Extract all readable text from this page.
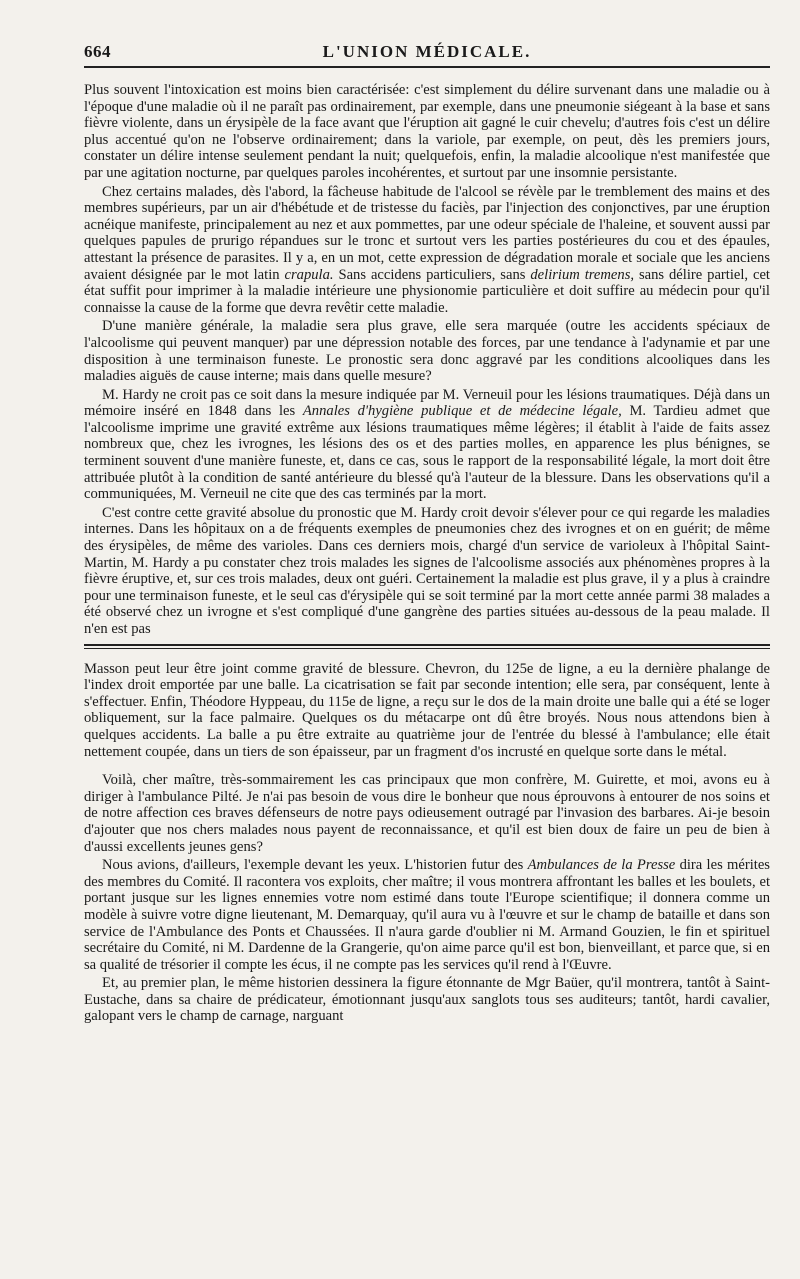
664	L'UNION MÉDICALE.

Plus souvent l'intoxication est moins bien caractérisée: c'est simplement du délire survenant dans une maladie ou à l'époque d'une maladie où il ne paraît pas ordinairement, par exemple, dans une pneumonie siégeant à la base et sans fièvre violente, dans un érysipèle de la face avant que l'éruption ait gagné le cuir chevelu; d'autres fois c'est un délire plus accentué qu'on ne l'observe ordinairement; dans la variole, par exemple, on peut, dès les premiers jours, constater un délire intense seulement pendant la nuit; quelquefois, enfin, la maladie alcoolique n'est manifestée que par une agitation nocturne, par quelques paroles incohérentes, et surtout par une insomnie persistante.

Chez certains malades, dès l'abord, la fâcheuse habitude de l'alcool se révèle par le tremblement des mains et des membres supérieurs, par un air d'hébétude et de tristesse du faciès, par l'injection des conjonctives, par une éruption acnéique manifeste, principalement au nez et aux pommettes, par une odeur spéciale de l'haleine, et souvent aussi par quelques papules de prurigo répandues sur le tronc et surtout vers les parties postérieures du cou et des épaules, attestant la présence de parasites. Il y a, en un mot, cette expression de dégradation morale et sociale que les anciens avaient désignée par le mot latin crapula. Sans accidens particuliers, sans delirium tremens, sans délire partiel, cet état suffit pour imprimer à la maladie intérieure une physionomie particulière et doit suffire au médecin pour qu'il connaisse la cause de la forme que devra revêtir cette maladie.

D'une manière générale, la maladie sera plus grave, elle sera marquée (outre les accidents spéciaux de l'alcoolisme qui peuvent manquer) par une dépression notable des forces, par une tendance à l'adynamie et par une disposition à une terminaison funeste. Le pronostic sera donc aggravé par les conditions alcooliques dans les maladies aiguës de cause interne; mais dans quelle mesure?

M. Hardy ne croit pas ce soit dans la mesure indiquée par M. Verneuil pour les lésions traumatiques. Déjà dans un mémoire inséré en 1848 dans les Annales d'hygiène publique et de médecine légale, M. Tardieu admet que l'alcoolisme imprime une gravité extrême aux lésions traumatiques même légères; il établit à l'aide de faits assez nombreux que, chez les ivrognes, les lésions des os et des parties molles, en apparence les plus bénignes, se terminent souvent d'une manière funeste, et, dans ce cas, sous le rapport de la responsabilité légale, la mort doit être attribuée plutôt à la condition de santé antérieure du blessé qu'à l'auteur de la blessure. Dans les observations qu'il a communiquées, M. Verneuil ne cite que des cas terminés par la mort.

C'est contre cette gravité absolue du pronostic que M. Hardy croit devoir s'élever pour ce qui regarde les maladies internes. Dans les hôpitaux on a de fréquents exemples de pneumonies chez des ivrognes et on en guérit; de même des érysipèles, de même des varioles. Dans ces derniers mois, chargé d'un service de varioleux à l'hôpital Saint-Martin, M. Hardy a pu constater chez trois malades les signes de l'alcoolisme associés aux phénomènes propres à la fièvre éruptive, et, sur ces trois malades, deux ont guéri. Certainement la maladie est plus grave, il y a plus à craindre pour une terminaison funeste, et le seul cas d'érysipèle qui se soit terminé par la mort cette année parmi 38 malades a été observé chez un ivrogne et s'est compliqué d'une gangrène des parties situées au-dessous de la peau malade. Il n'en est pas

Masson peut leur être joint comme gravité de blessure. Chevron, du 125e de ligne, a eu la dernière phalange de l'index droit emportée par une balle. La cicatrisation se fait par seconde intention; elle sera, par conséquent, lente à s'effectuer. Enfin, Théodore Hyppeau, du 115e de ligne, a reçu sur le dos de la main droite une balle qui a été se loger obliquement, sur la face palmaire. Quelques os du métacarpe ont dû être broyés. Nous nous attendons bien à quelques accidents. La balle a pu être extraite au quatrième jour de l'entrée du blessé à l'ambulance; elle était nettement coupée, dans un tiers de son épaisseur, par un fragment d'os incrusté en quelque sorte dans le métal.

Voilà, cher maître, très-sommairement les cas principaux que mon confrère, M. Guirette, et moi, avons eu à diriger à l'ambulance Pilté. Je n'ai pas besoin de vous dire le bonheur que nous éprouvons à entourer de nos soins et de notre affection ces braves défenseurs de notre pays odieusement outragé par l'invasion des barbares. Ai-je besoin d'ajouter que nos chers malades nous payent de reconnaissance, et qu'il est bien doux de faire un peu de bien à d'aussi excellents jeunes gens?

Nous avions, d'ailleurs, l'exemple devant les yeux. L'historien futur des Ambulances de la Presse dira les mérites des membres du Comité. Il racontera vos exploits, cher maître; il vous montrera affrontant les balles et les boulets, et portant jusque sur les lignes ennemies votre nom estimé dans toute l'Europe scientifique; il donnera comme un modèle à suivre votre digne lieutenant, M. Demarquay, qu'il aura vu à l'œuvre et sur le champ de bataille et dans son service de l'Ambulance des Ponts et Chaussées. Il n'aura garde d'oublier ni M. Armand Gouzien, le fin et spirituel secrétaire du Comité, ni M. Dardenne de la Grangerie, qu'on aime parce qu'il est bon, bienveillant, et parce que, si en sa qualité de trésorier il compte les écus, il ne compte pas les services qu'il rend à l'Œuvre.

Et, au premier plan, le même historien dessinera la figure étonnante de Mgr Baüer, qu'il montrera, tantôt à Saint-Eustache, dans sa chaire de prédicateur, émotionnant jusqu'aux sanglots tous ses auditeurs; tantôt, hardi cavalier, galopant vers le champ de carnage, narguant
